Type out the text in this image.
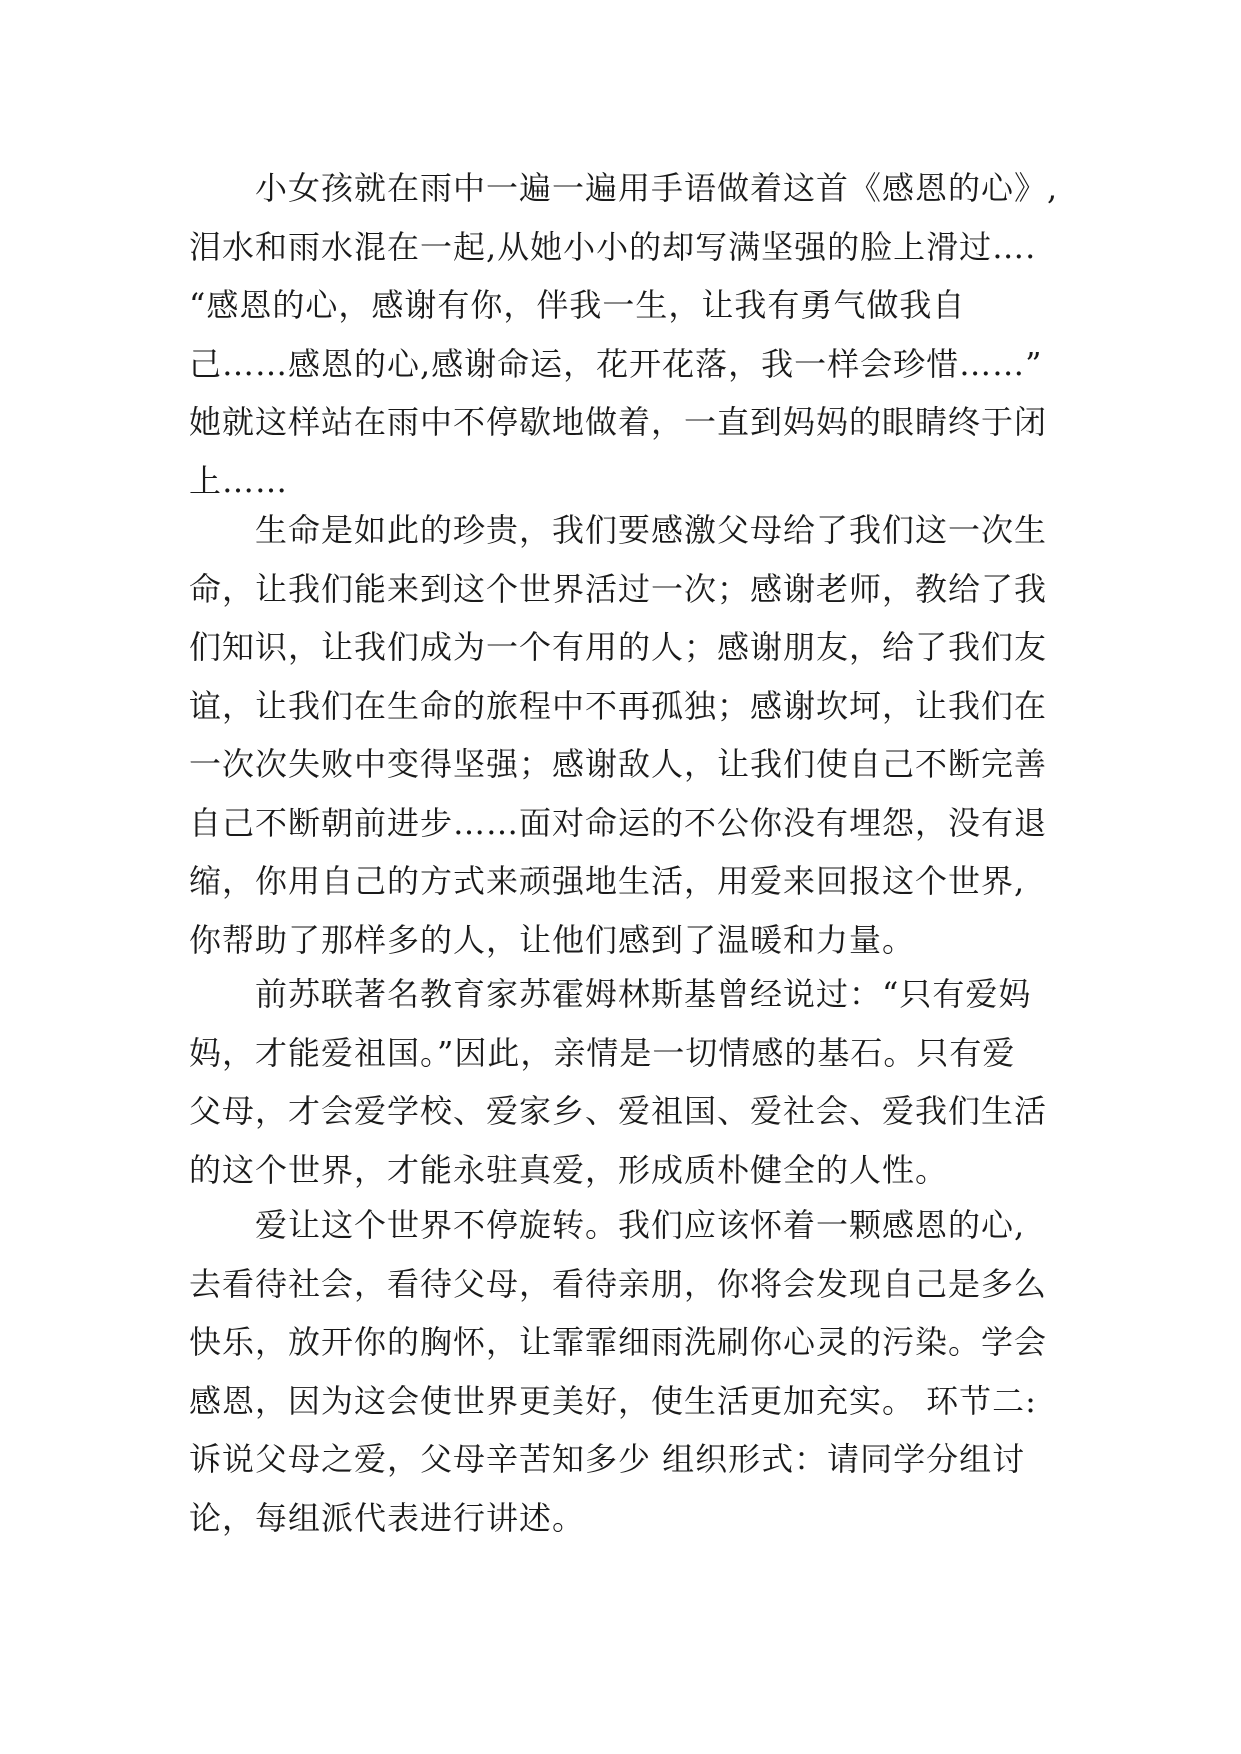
小女孩就在雨中一遍一遍用手语做着这首《感恩的心》,
泪水和雨水混在一起,从她小小的却写满坚强的脸上滑过….
“感恩的心，感谢有你，伴我一生，让我有勇气做我自
己……感恩的心,感谢命运，花开花落，我一样会珍惜……”
她就这样站在雨中不停歇地做着，一直到妈妈的眼睛终于闭
上……
生命是如此的珍贵，我们要感激父母给了我们这一次生
命，让我们能来到这个世界活过一次；感谢老师，教给了我
们知识，让我们成为一个有用的人；感谢朋友，给了我们友
谊，让我们在生命的旅程中不再孤独；感谢坎坷，让我们在
一次次失败中变得坚强；感谢敌人，让我们使自己不断完善
自己不断朝前进步……面对命运的不公你没有埋怨，没有退
缩，你用自己的方式来顽强地生活，用爱来回报这个世界,
你帮助了那样多的人，让他们感到了温暖和力量。
前苏联著名教育家苏霍姆林斯基曾经说过：“只有爱妈
妈，才能爱祖国。”因此，亲情是一切情感的基石。只有爱
父母，才会爱学校、爱家乡、爱祖国、爱社会、爱我们生活
的这个世界，才能永驻真爱，形成质朴健全的人性。
爱让这个世界不停旋转。我们应该怀着一颗感恩的心,
去看待社会，看待父母，看待亲朋，你将会发现自己是多么
快乐，放开你的胸怀，让霏霏细雨洗刷你心灵的污染。学会
感恩，因为这会使世界更美好，使生活更加充实。 环节二:
诉说父母之爱，父母辛苦知多少 组织形式：请同学分组讨
论，每组派代表进行讲述。
